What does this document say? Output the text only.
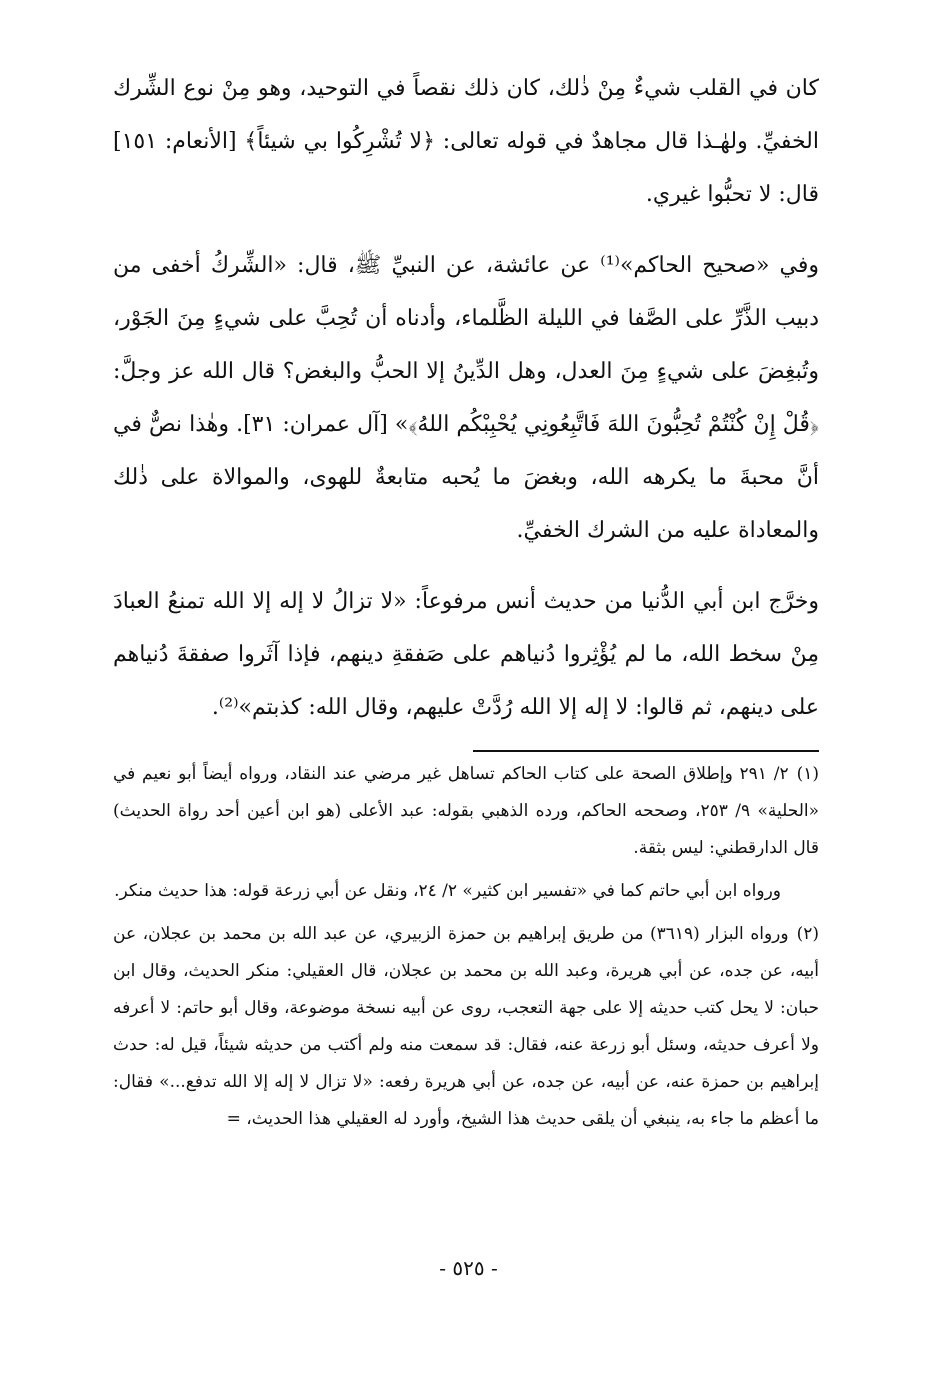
كان في القلب شيءٌ مِنْ ذٰلك، كان ذلك نقصاً في التوحيد، وهو مِنْ نوع الشِّرك الخفيِّ. ولهٰـذا قال مجاهدٌ في قوله تعالى: ﴿لا تُشْرِكُوا بي شيئاً﴾ [الأنعام: ١٥١] قال: لا تحبُّوا غيري.

وفي «صحيح الحاكم»⁽¹⁾ عن عائشة، عن النبيِّ ﷺ، قال: «الشِّركُ أخفى من دبيب الذَّرِّ على الصَّفا في الليلة الظَّلماء، وأدناه أن تُحِبَّ على شيءٍ مِنَ الجَوْر، وتُبغِضَ على شيءٍ مِنَ العدل، وهل الدِّينُ إلا الحبُّ والبغض؟ قال الله عز وجلَّ: ﴿قُلْ إِنْ كُنْتُمْ تُحِبُّونَ اللهَ فَاتَّبِعُونِي يُحْبِبْكُم اللهُ﴾» [آل عمران: ٣١]. وهٰذا نصٌّ في أنَّ محبةَ ما يكرهه الله، وبغضَ ما يُحبه متابعةٌ للهوى، والموالاة على ذٰلك والمعاداة عليه من الشرك الخفيِّ.

وخرَّج ابن أبي الدُّنيا من حديث أنس مرفوعاً: «لا تزالُ لا إله إلا الله تمنعُ العبادَ مِنْ سخط الله، ما لم يُؤْثِروا دُنياهم على صَفقةِ دينهم، فإذا آثَروا صفقةَ دُنياهم على دينهم، ثم قالوا: لا إله إلا الله رُدَّتْ عليهم، وقال الله: كذبتم»⁽²⁾.

(١)٢/ ٢٩١ وإطلاق الصحة على كتاب الحاكم تساهل غير مرضي عند النقاد، ورواه أيضاً أبو نعيم في «الحلية» ٩/ ٢٥٣، وصححه الحاكم، ورده الذهبي بقوله: عبد الأعلى (هو ابن أعين أحد رواة الحديث) قال الدارقطني: ليس بثقة.

ورواه ابن أبي حاتم كما في «تفسير ابن كثير» ٢/ ٢٤، ونقل عن أبي زرعة قوله: هذا حديث منكر.

(٢)ورواه البزار (٣٦١٩) من طريق إبراهيم بن حمزة الزبيري، عن عبد الله بن محمد بن عجلان، عن أبيه، عن جده، عن أبي هريرة، وعبد الله بن محمد بن عجلان، قال العقيلي: منكر الحديث، وقال ابن حبان: لا يحل كتب حديثه إلا على جهة التعجب، روى عن أبيه نسخة موضوعة، وقال أبو حاتم: لا أعرفه ولا أعرف حديثه، وسئل أبو زرعة عنه، فقال: قد سمعت منه ولم أكتب من حديثه شيئاً، قيل له: حدث إبراهيم بن حمزة عنه، عن أبيه، عن جده، عن أبي هريرة رفعه: «لا تزال لا إله إلا الله تدفع...» فقال: ما أعظم ما جاء به، ينبغي أن يلقى حديث هذا الشيخ، وأورد له العقيلي هذا الحديث، =

- ٥٢٥ -
